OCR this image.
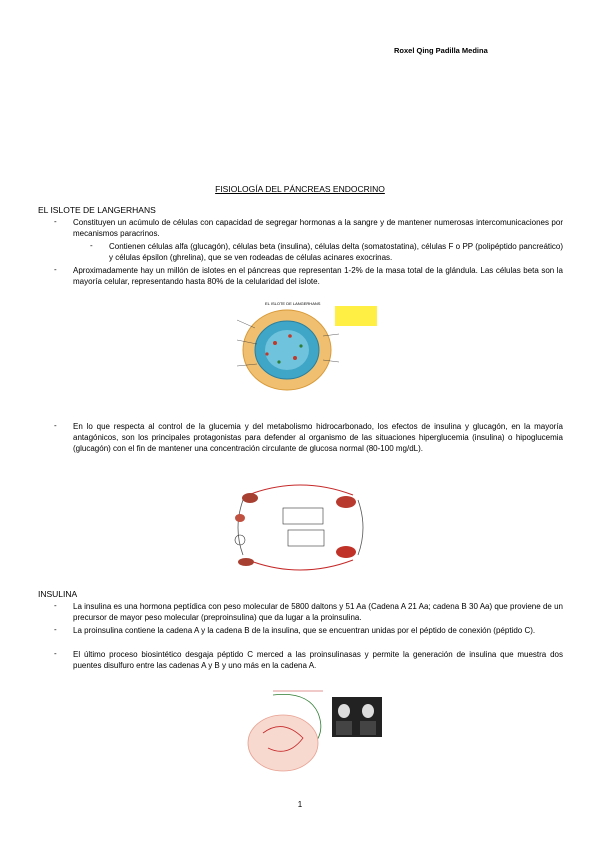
Roxel Qing Padilla Medina
FISIOLOGÍA DEL PÁNCREAS ENDOCRINO
EL ISLOTE DE LANGERHANS
- Constituyen un acúmulo de células con capacidad de segregar hormonas a la sangre y de mantener numerosas intercomunicaciones por mecanismos paracrinos.
- Contienen células alfa (glucagón), células beta (insulina), células delta (somatostatina), células F o PP (polipéptido pancreático) y células épsilon (ghrelina), que se ven rodeadas de células acinares exocrinas.
- Aproximadamente hay un millón de islotes en el páncreas que representan 1-2% de la masa total de la glándula. Las células beta son la mayoría celular, representando hasta 80% de la celularidad del islote.
EL ISLOTE DE LANGERHANS
- En lo que respecta al control de la glucemia y del metabolismo hidrocarbonado, los efectos de insulina y glucagón, en la mayoría antagónicos, son los principales protagonistas para defender al organismo de las situaciones hiperglucemia (insulina) o hipoglucemia (glucagón) con el fin de mantener una concentración circulante de glucosa normal (80-100 mg/dL).
INSULINA
- La insulina es una hormona peptídica con peso molecular de 5800 daltons y 51 Aa (Cadena A 21 Aa; cadena B 30 Aa) que proviene de un precursor de mayor peso molecular (preproinsulina) que da lugar a la proinsulina.
- La proinsulina contiene la cadena A y la cadena B de la insulina, que se encuentran unidas por el péptido de conexión (péptido C).
- El último proceso biosintético desgaja péptido C merced a las proinsulinasas y permite la generación de insulina que muestra dos puentes disulfuro entre las cadenas A y B y uno más en la cadena A.
1
